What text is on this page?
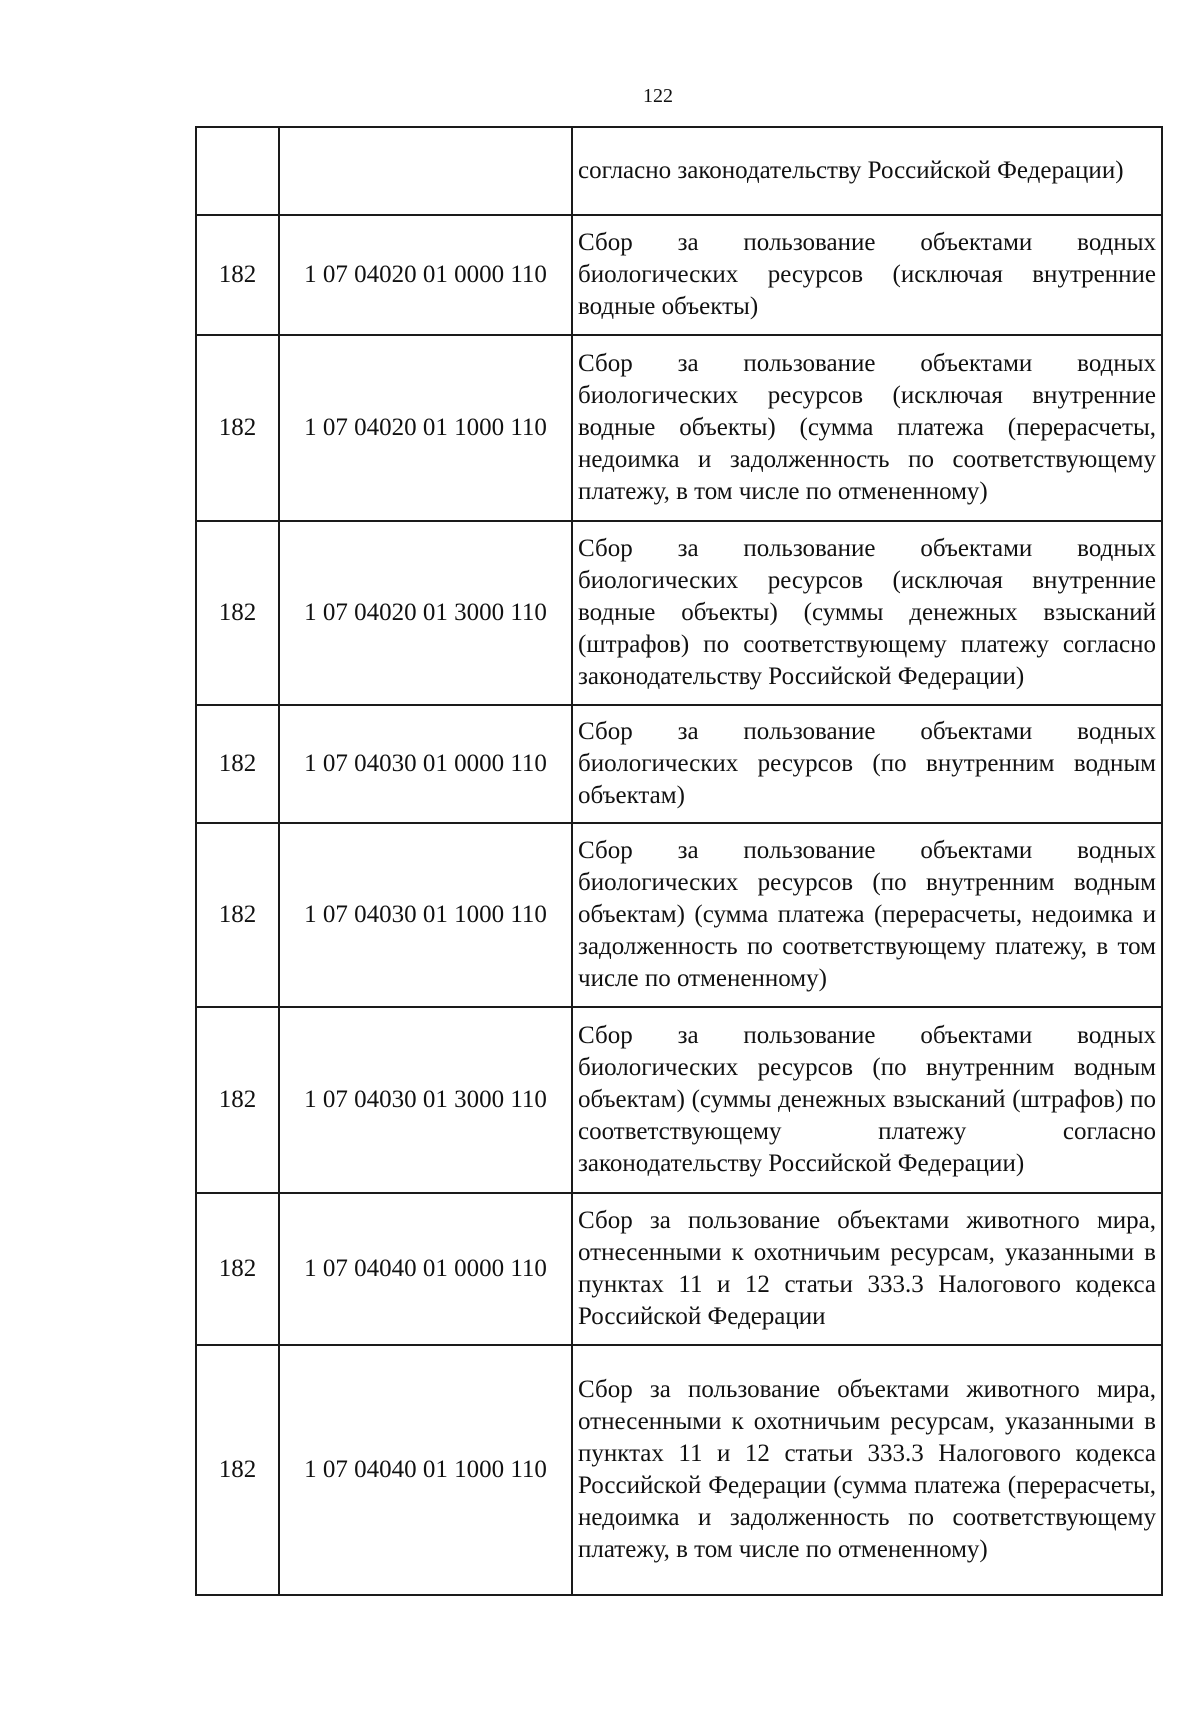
122
		согласно законодательству Российской Федерации)
182	1 07 04020 01 0000 110	Сбор за пользование объектами водных биологических ресурсов (исключая внутренние водные объекты)
182	1 07 04020 01 1000 110	Сбор за пользование объектами водных биологических ресурсов (исключая внутренние водные объекты) (сумма платежа (перерасчеты, недоимка и задолженность по соответствующему платежу, в том числе по отмененному)
182	1 07 04020 01 3000 110	Сбор за пользование объектами водных биологических ресурсов (исключая внутренние водные объекты) (суммы денежных взысканий (штрафов) по соответствующему платежу согласно законодательству Российской Федерации)
182	1 07 04030 01 0000 110	Сбор за пользование объектами водных биологических ресурсов (по внутренним водным объектам)
182	1 07 04030 01 1000 110	Сбор за пользование объектами водных биологических ресурсов (по внутренним водным объектам) (сумма платежа (перерасчеты, недоимка и задолженность по соответствующему платежу, в том числе по отмененному)
182	1 07 04030 01 3000 110	Сбор за пользование объектами водных биологических ресурсов (по внутренним водным объектам) (суммы денежных взысканий (штрафов) по соответствующему платежу согласно законодательству Российской Федерации)
182	1 07 04040 01 0000 110	Сбор за пользование объектами животного мира, отнесенными к охотничьим ресурсам, указанными в пунктах 11 и 12 статьи 333.3 Налогового кодекса Российской Федерации
182	1 07 04040 01 1000 110	Сбор за пользование объектами животного мира, отнесенными к охотничьим ресурсам, указанными в пунктах 11 и 12 статьи 333.3 Налогового кодекса Российской Федерации (сумма платежа (перерасчеты, недоимка и задолженность по соответствующему платежу, в том числе по отмененному)
